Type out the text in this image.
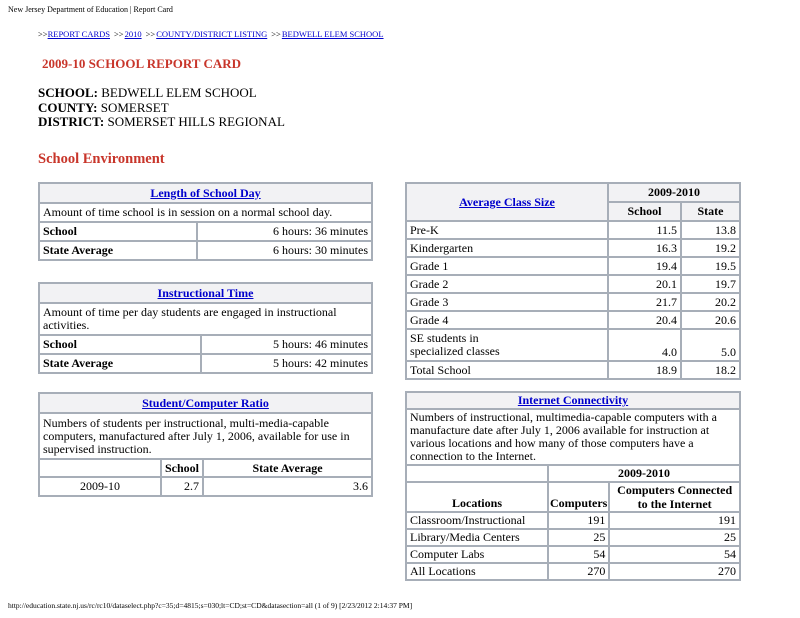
New Jersey Department of Education | Report Card
>>REPORT CARDS >>2010 >>COUNTY/DISTRICT LISTING >>BEDWELL ELEM SCHOOL
2009-10 SCHOOL REPORT CARD
SCHOOL: BEDWELL ELEM SCHOOL
COUNTY: SOMERSET
DISTRICT: SOMERSET HILLS REGIONAL
School Environment
Length of School Day	
Amount of time school is in session on a normal school day.	
School	6 hours: 36 minutes
State Average	6 hours: 30 minutes
Instructional Time	
Amount of time per day students are engaged in instructional activities.	
School	5 hours: 46 minutes
State Average	5 hours: 42 minutes
Student/Computer Ratio		
Numbers of students per instructional, multi-media-capable computers, manufactured after July 1, 2006, available for use in supervised instruction.		
	School	State Average
2009-10	2.7	3.6
Average Class Size	2009-2010	
	School	State
Pre-K	11.5	13.8
Kindergarten	16.3	19.2
Grade 1	19.4	19.5
Grade 2	20.1	19.7
Grade 3	21.7	20.2
Grade 4	20.4	20.6
SE students in specialized classes	4.0	5.0
Total School	18.9	18.2
Internet Connectivity		
Numbers of instructional, multimedia-capable computers with a manufacture date after July 1, 2006 available for instruction at various locations and how many of those computers have a connection to the Internet.		
	2009-2010	
Locations	Computers	Computers Connected to the Internet
Classroom/Instructional	191	191
Library/Media Centers	25	25
Computer Labs	54	54
All Locations	270	270
http://education.state.nj.us/rc/rc10/dataselect.php?c=35;d=4815;s=030;lt=CD;st=CD&datasection=all (1 of 9) [2/23/2012 2:14:37 PM]
